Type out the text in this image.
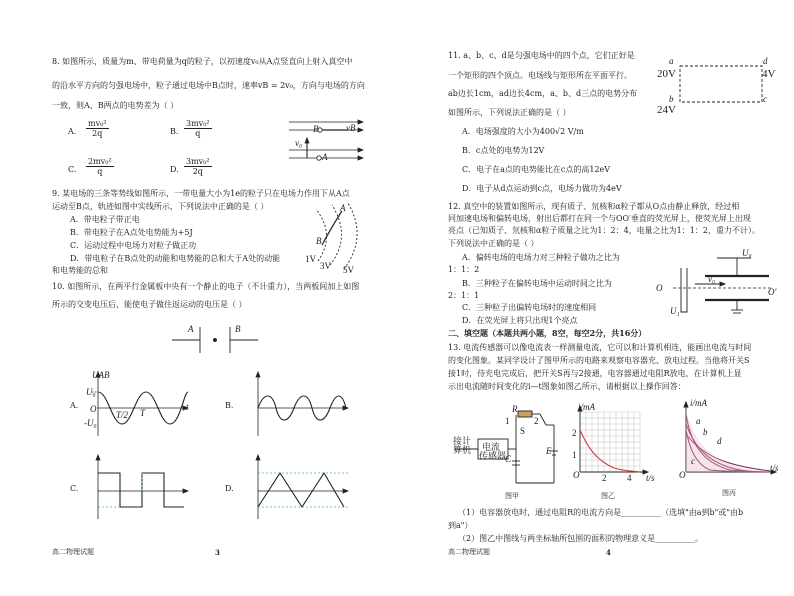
8. 如图所示，质量为m、带电荷量为q的粒子，以初速度v₀从A点竖直向上射入真空中
的沿水平方向的匀强电场中，粒子通过电场中B点时，速率vB = 2v₀，方向与电场的方向
一致，则A、B两点的电势差为（ ）
A. $\frac{\text{mv₀²}}{2q}$	B. $\frac{\text{3mv₀²}}{q}$
C. $\frac{\text{2mv₀²}}{q}$	D. $\frac{\text{3mv₀²}}{2q}$
B	vB
v₀
A
9. 某电场的三条等势线如图所示，一带电量大小为1e的粒子只在电场力作用下从A点
运动至B点，轨迹如图中实线所示，下列说法中正确的是（ ）
A．带电粒子带正电
B．带电粒子在A点处电势能为+5J
C．运动过程中电场力对粒子做正功
D．带电粒子在B点处的动能和电势能的总和大于A处的动能
和电势能的总和
A
B
1V
3V 5V
10. 如图所示，在两平行金属板中央有一个静止的电子（不计重力），当两板间加上如图
所示的交变电压后，能使电子做往返运动的电压是（ ）
A	B
A.	B.
C.	D.
UAB
U₀
O
-U₀
T/2 T
t
高二物理试题	3
11. a、b、c、d是匀强电场中的四个点，它们正好是
一个矩形的四个顶点。电场线与矩形所在平面平行。
ab边长1cm，ad边长4cm，a、b、d三点的电势分布
如图所示，下列说法正确的是（ ）
A．电场强度的大小为400√2 V/m
B．c点处的电势为12V
C．电子在a点的电势能比在c点的高12eV
D．电子从d点运动到c点，电场力做功为4eV
a	d
b	c
20V	4V
24V
12. 真空中的装置如图所示，现有质子、氘核和α粒子都从O点由静止释放，经过相
同加速电场和偏转电场，射出后都打在同一个与OO′垂直的荧光屏上，使荧光屏上出现
亮点（已知质子、氘核和α粒子质量之比为1：2：4，电量之比为1：1：2，重力不计）。
下列说法中正确的是（ ）
A．偏转电场的电场力对三种粒子做功之比为
1：1：2
B．三种粒子在偏转电场中运动时间之比为
2：1：1
C．三种粒子出偏转电场时的速度相同
D．在荧光屏上将只出现1个亮点
U₀
v₀
U₁
O	O′
二、填空题（本题共两小题，8空，每空2分，共16分）
13. 电流传感器可以像电流表一样测量电流，它可以和计算机相连，能画出电流与时间
的变化图象。某同学设计了图甲所示的电路来观察电容器充、放电过程。当他将开关S
接1时，待充电完成后，把开关S再与2接通，电容器通过电阻R放电，在计算机上显
示出电流随时间变化的i—t图象如图乙所示，请根据以上操作回答：
接计
算机 电流
传感器
R
S
1	2
C
E
图甲
i/mA
2
1
O	2 4 t/s
图乙
i/mA
a
b
c
d
O
t/s
图丙
（1）电容器放电时，通过电阻R的电流方向是__________（选填"由a到b"或"由b
到a"）
（2）图乙中图线与两坐标轴所包围的面积的物理意义是__________。
高二物理试题	4
